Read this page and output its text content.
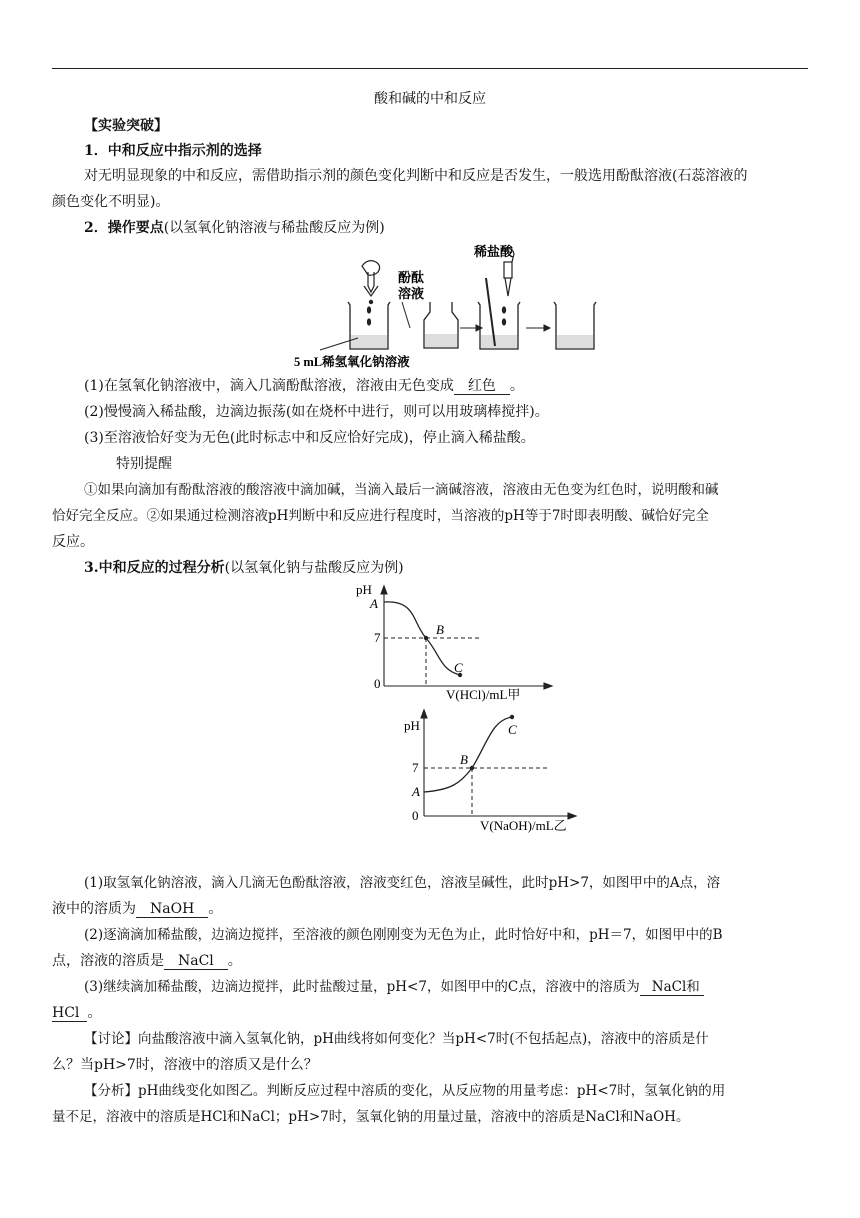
酸和碱的中和反应
【实验突破】
1．中和反应中指示剂的选择
对无明显现象的中和反应，需借助指示剂的颜色变化判断中和反应是否发生，一般选用酚酞溶液(石蕊溶液的
颜色变化不明显)。
2．操作要点(以氢氧化钠溶液与稀盐酸反应为例)
酚酞
溶液
稀盐酸
5 mL稀氢氧化钠溶液
(1)在氢氧化钠溶液中，滴入几滴酚酞溶液，溶液由无色变成 红色 。
(2)慢慢滴入稀盐酸，边滴边振荡(如在烧杯中进行，则可以用玻璃棒搅拌)。
(3)至溶液恰好变为无色(此时标志中和反应恰好完成)，停止滴入稀盐酸。
特别提醒
①如果向滴加有酚酞溶液的酸溶液中滴加碱，当滴入最后一滴碱溶液，溶液由无色变为红色时，说明酸和碱
恰好完全反应。②如果通过检测溶液pH判断中和反应进行程度时，当溶液的pH等于7时即表明酸、碱恰好完全
反应。
3.中和反应的过程分析(以氢氧化钠与盐酸反应为例)
pH
A
7
0
B
C
V(HCl)/mL甲
pH
A
7
0
B
C
V(NaOH)/mL乙
(1)取氢氧化钠溶液，滴入几滴无色酚酞溶液，溶液变红色，溶液呈碱性，此时pH>7，如图甲中的A点，溶
液中的溶质为 NaOH 。
(2)逐滴滴加稀盐酸，边滴边搅拌，至溶液的颜色刚刚变为无色为止，此时恰好中和，pH＝7，如图甲中的B
点，溶液的溶质是 NaCl 。
(3)继续滴加稀盐酸，边滴边搅拌，此时盐酸过量，pH<7，如图甲中的C点，溶液中的溶质为 NaCl和
HCl 。
【讨论】向盐酸溶液中滴入氢氧化钠，pH曲线将如何变化？当pH<7时(不包括起点)，溶液中的溶质是什
么？当pH>7时，溶液中的溶质又是什么？
【分析】pH曲线变化如图乙。判断反应过程中溶质的变化，从反应物的用量考虑：pH<7时，氢氧化钠的用
量不足，溶液中的溶质是HCl和NaCl；pH>7时，氢氧化钠的用量过量，溶液中的溶质是NaCl和NaOH。
